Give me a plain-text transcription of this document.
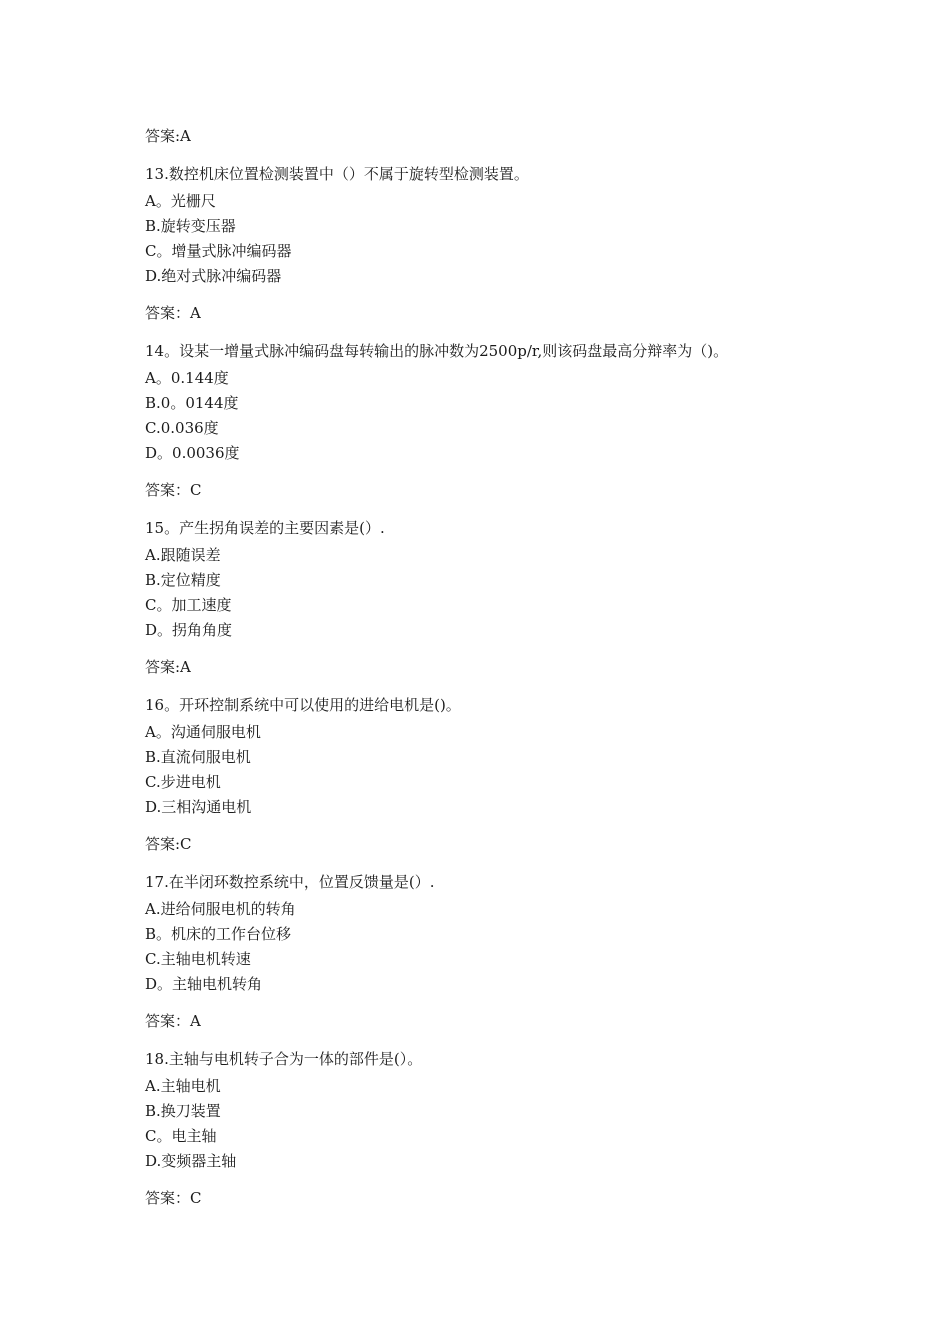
答案:A
13.数控机床位置检测装置中（）不属于旋转型检测装置。
A。光栅尺
B.旋转变压器
C。增量式脉冲编码器
D.绝对式脉冲编码器
答案：A
14。设某一增量式脉冲编码盘每转输出的脉冲数为2500p/r,则该码盘最高分辩率为（)。
A。0.144度
B.0。0144度
C.0.036度
D。0.0036度
答案：C
15。产生拐角误差的主要因素是(）.
A.跟随误差
B.定位精度
C。加工速度
D。拐角角度
答案:A
16。开环控制系统中可以使用的进给电机是()。
A。沟通伺服电机
B.直流伺服电机
C.步进电机
D.三相沟通电机
答案:C
17.在半闭环数控系统中，位置反馈量是(）.
A.进给伺服电机的转角
B。机床的工作台位移
C.主轴电机转速
D。主轴电机转角
答案：A
18.主轴与电机转子合为一体的部件是(）。
A.主轴电机
B.换刀装置
C。电主轴
D.变频器主轴
答案：C
